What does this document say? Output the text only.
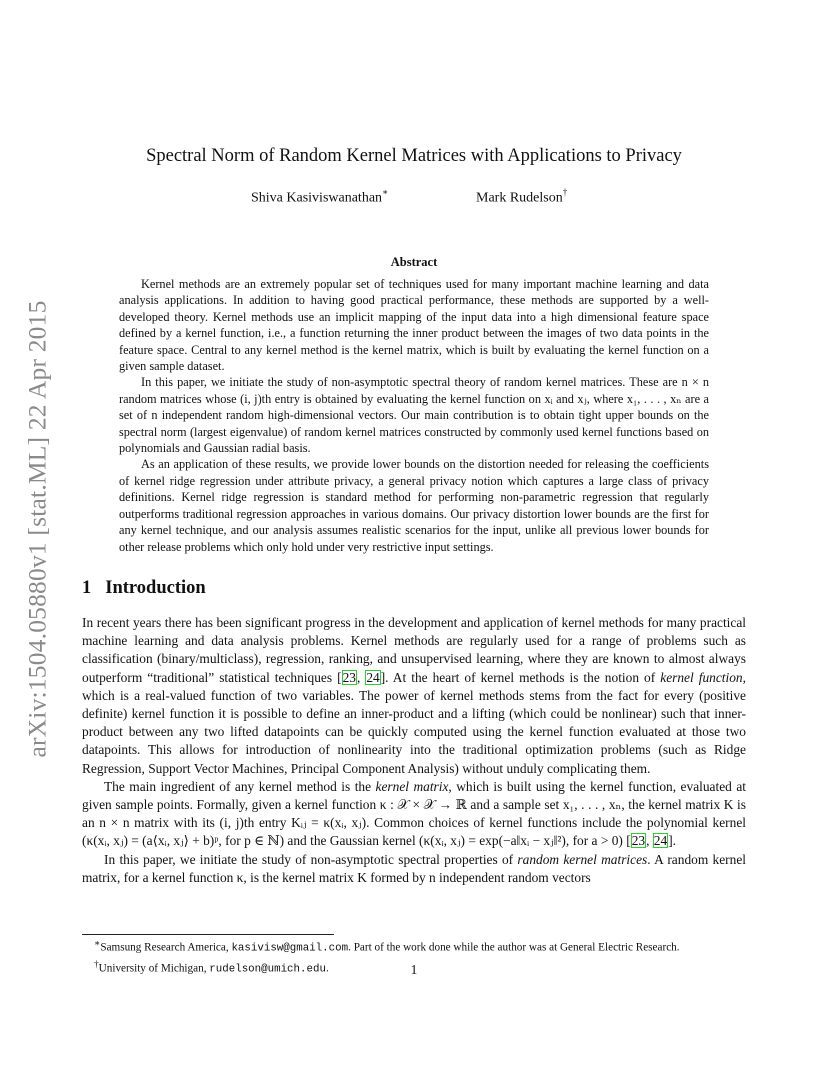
arXiv:1504.05880v1 [stat.ML] 22 Apr 2015
Spectral Norm of Random Kernel Matrices with Applications to Privacy
Shiva Kasiviswanathan∗	Mark Rudelson†
Abstract

Kernel methods are an extremely popular set of techniques used for many important machine learning and data analysis applications. In addition to having good practical performance, these methods are supported by a well-developed theory. Kernel methods use an implicit mapping of the input data into a high dimensional feature space defined by a kernel function, i.e., a function returning the inner product between the images of two data points in the feature space. Central to any kernel method is the kernel matrix, which is built by evaluating the kernel function on a given sample dataset.

In this paper, we initiate the study of non-asymptotic spectral theory of random kernel matrices. These are n × n random matrices whose (i, j)th entry is obtained by evaluating the kernel function on xᵢ and xⱼ, where x₁, . . . , xₙ are a set of n independent random high-dimensional vectors. Our main contribution is to obtain tight upper bounds on the spectral norm (largest eigenvalue) of random kernel matrices constructed by commonly used kernel functions based on polynomials and Gaussian radial basis.

As an application of these results, we provide lower bounds on the distortion needed for releasing the coefficients of kernel ridge regression under attribute privacy, a general privacy notion which captures a large class of privacy definitions. Kernel ridge regression is standard method for performing non-parametric regression that regularly outperforms traditional regression approaches in various domains. Our privacy distortion lower bounds are the first for any kernel technique, and our analysis assumes realistic scenarios for the input, unlike all previous lower bounds for other release problems which only hold under very restrictive input settings.

1 Introduction

In recent years there has been significant progress in the development and application of kernel methods for many practical machine learning and data analysis problems. Kernel methods are regularly used for a range of problems such as classification (binary/multiclass), regression, ranking, and unsupervised learning, where they are known to almost always outperform “traditional” statistical techniques [23, 24]. At the heart of kernel methods is the notion of kernel function, which is a real-valued function of two variables. The power of kernel methods stems from the fact for every (positive definite) kernel function it is possible to define an inner-product and a lifting (which could be nonlinear) such that inner-product between any two lifted datapoints can be quickly computed using the kernel function evaluated at those two datapoints. This allows for introduction of nonlinearity into the traditional optimization problems (such as Ridge Regression, Support Vector Machines, Principal Component Analysis) without unduly complicating them.

The main ingredient of any kernel method is the kernel matrix, which is built using the kernel function, evaluated at given sample points. Formally, given a kernel function κ : 𝒳 × 𝒳 → ℝ and a sample set x₁, . . . , xₙ, the kernel matrix K is an n × n matrix with its (i, j)th entry Kᵢⱼ = κ(xᵢ, xⱼ). Common choices of kernel functions include the polynomial kernel (κ(xᵢ, xⱼ) = (a⟨xᵢ, xⱼ⟩ + b)ᵖ, for p ∈ ℕ) and the Gaussian kernel (κ(xᵢ, xⱼ) = exp(−a‖xᵢ − xⱼ‖²), for a > 0) [23, 24].

In this paper, we initiate the study of non-asymptotic spectral properties of random kernel matrices. A random kernel matrix, for a kernel function κ, is the kernel matrix K formed by n independent random vectors

∗Samsung Research America, kasivisw@gmail.com. Part of the work done while the author was at General Electric Research.
†University of Michigan, rudelson@umich.edu.	1
